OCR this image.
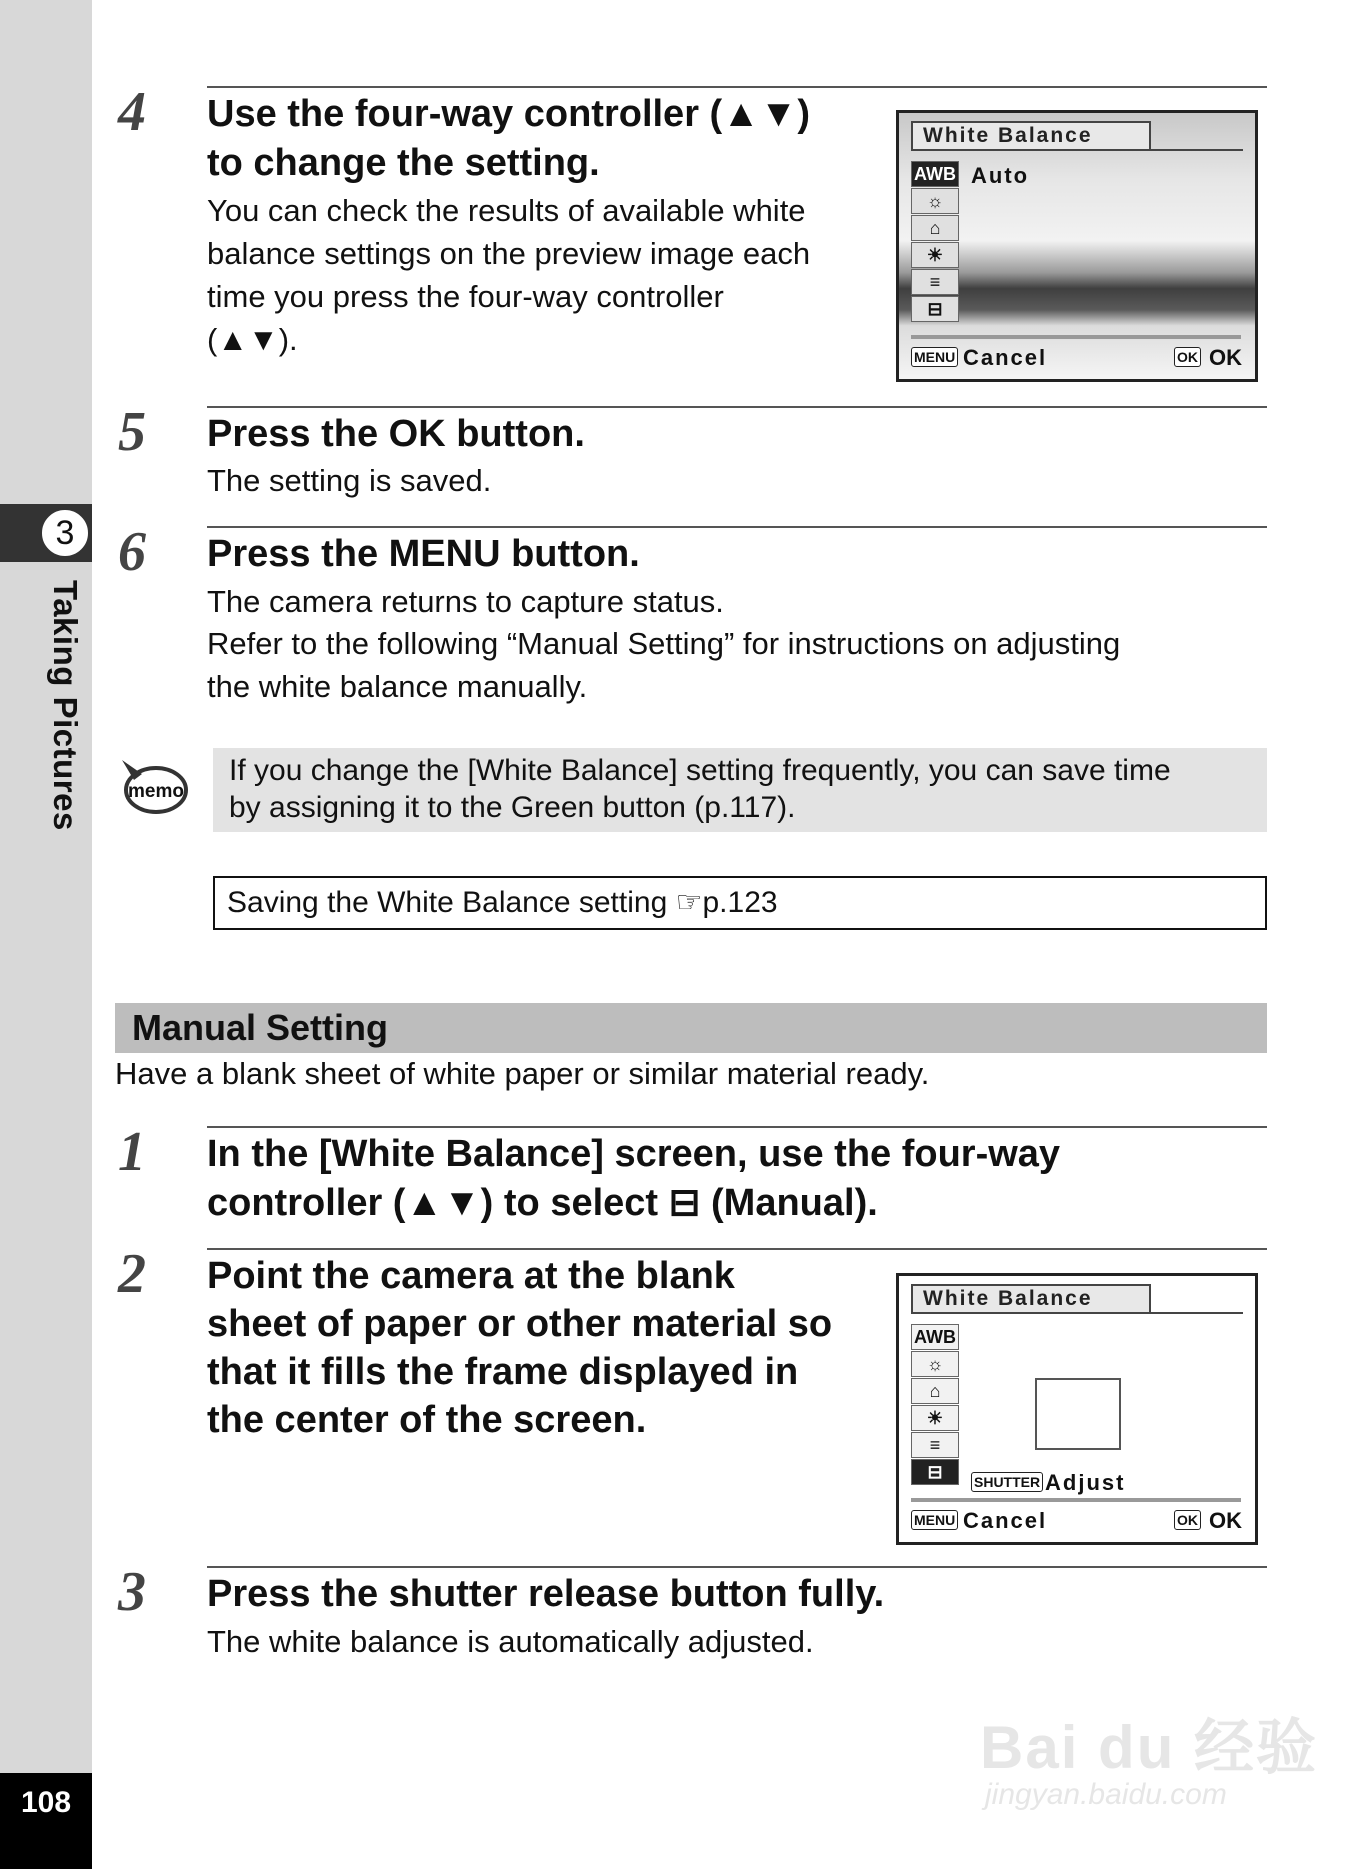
3
Taking Pictures
108
4 Use the four-way controller (▲▼)
to change the setting.
You can check the results of available white
balance settings on the preview image each
time you press the four-way controller
(▲▼).
White Balance
AWB
☼
⌂
☀
≡
⊟
Auto
MENU Cancel	OK OK
5 Press the OK button.
The setting is saved.
6 Press the MENU button.
The camera returns to capture status.
Refer to the following “Manual Setting” for instructions on adjusting
the white balance manually.
memo
If you change the [White Balance] setting frequently, you can save time
by assigning it to the Green button (p.117).
Saving the White Balance setting ☞p.123
Manual Setting
Have a blank sheet of white paper or similar material ready.
1 In the [White Balance] screen, use the four-way
controller (▲▼) to select ⊟ (Manual).
2 Point the camera at the blank
sheet of paper or other material so
that it fills the frame displayed in
the center of the screen.
White Balance
AWB
☼
⌂
☀
≡
⊟	SHUTTER Adjust
MENU Cancel	OK OK
3 Press the shutter release button fully.
The white balance is automatically adjusted.
Bai du 经验
jingyan.baidu.com
